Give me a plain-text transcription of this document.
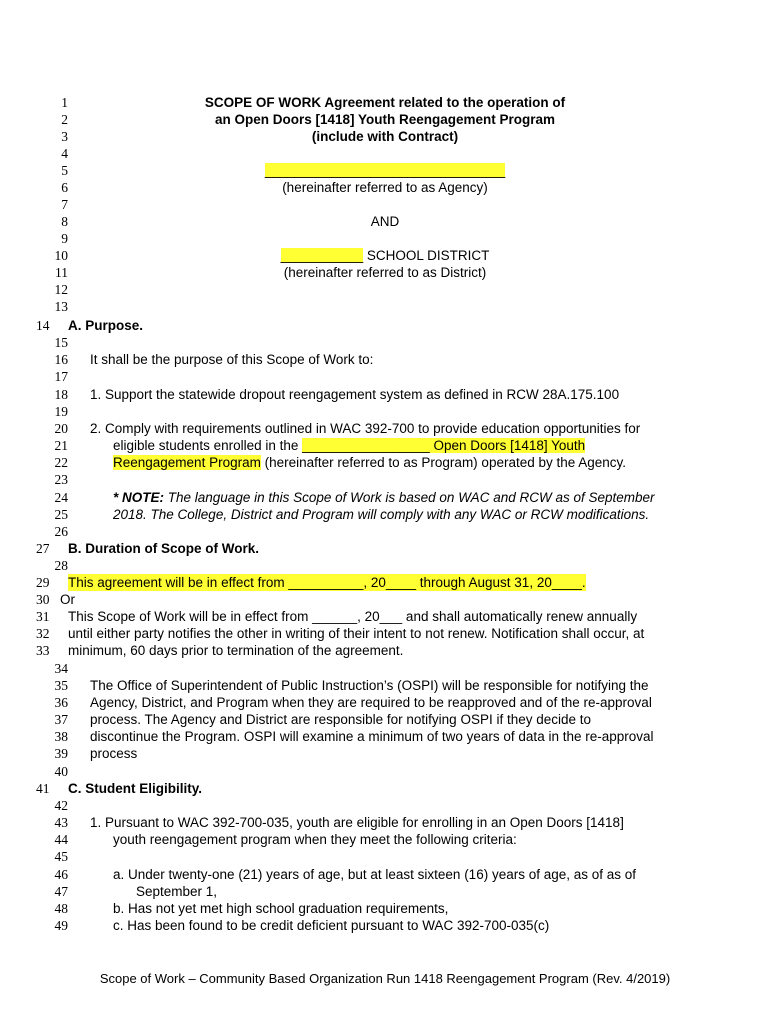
1	SCOPE OF WORK Agreement related to the operation of
2	an Open Doors [1418] Youth Reengagement Program
3	(include with Contract)
4
5	________________________________
6	(hereinafter referred to as Agency)
7
8	AND
9
10	___________ SCHOOL DISTRICT
11	(hereinafter referred to as District)
12
13
14	A. Purpose.
15
16 It shall be the purpose of this Scope of Work to:
17
18 1. Support the statewide dropout reengagement system as defined in RCW 28A.175.100
19
20 2. Comply with requirements outlined in WAC 392-700 to provide education opportunities for
21	eligible students enrolled in the _________________ Open Doors [1418] Youth
22	Reengagement Program (hereinafter referred to as Program) operated by the Agency.
23
24	* NOTE: The language in this Scope of Work is based on WAC and RCW as of September
25	2018. The College, District and Program will comply with any WAC or RCW modifications.
26
27	B. Duration of Scope of Work.
28
29	This agreement will be in effect from __________, 20____ through August 31, 20____.
30 Or
31	This Scope of Work will be in effect from ______, 20___ and shall automatically renew annually
32	until either party notifies the other in writing of their intent to not renew. Notification shall occur, at
33	minimum, 60 days prior to termination of the agreement.
34
35 The Office of Superintendent of Public Instruction’s (OSPI) will be responsible for notifying the
36 Agency, District, and Program when they are required to be reapproved and of the re-approval
37 process. The Agency and District are responsible for notifying OSPI if they decide to
38 discontinue the Program. OSPI will examine a minimum of two years of data in the re-approval
39 process
40
41	C. Student Eligibility.
42
43 1. Pursuant to WAC 392-700-035, youth are eligible for enrolling in an Open Doors [1418]
44	youth reengagement program when they meet the following criteria:
45
46	a. Under twenty-one (21) years of age, but at least sixteen (16) years of age, as of as of
47	September 1,
48	b. Has not yet met high school graduation requirements,
49	c. Has been found to be credit deficient pursuant to WAC 392-700-035(c)
Scope of Work – Community Based Organization Run 1418 Reengagement Program (Rev. 4/2019)
